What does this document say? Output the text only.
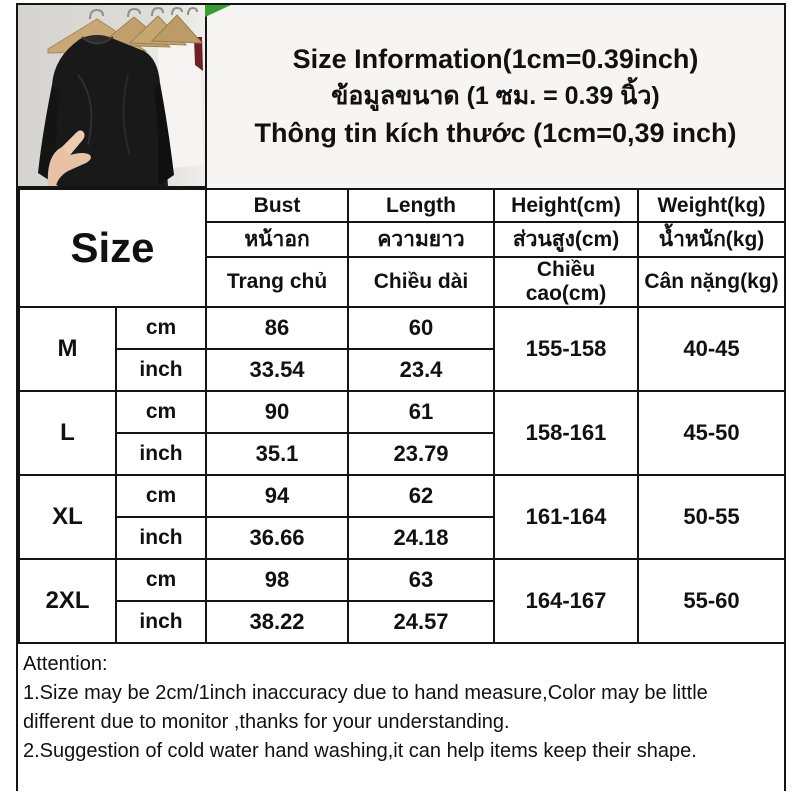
Size Information(1cm=0.39inch)
ข้อมูลขนาด (1 ซม. = 0.39 นิ้ว)
Thông tin kích thước (1cm=0,39 inch)
Size		Bust	Length	Height(cm)	Weight(kg)
		หน้าอก	ความยาว	ส่วนสูง(cm)	น้ำหนัก(kg)
		Trang chủ	Chiều dài	Chiều cao(cm)	Cân nặng(kg)
M	cm	86	60	155-158	40-45
	inch	33.54	23.4		
L	cm	90	61	158-161	45-50
	inch	35.1	23.79		
XL	cm	94	62	161-164	50-55
	inch	36.66	24.18		
2XL	cm	98	63	164-167	55-60
	inch	38.22	24.57		

Attention:

1.Size may be 2cm/1inch inaccuracy due to hand measure,Color may be little different due to monitor ,thanks for your understanding.

2.Suggestion of cold water hand washing,it can help items keep their shape.
